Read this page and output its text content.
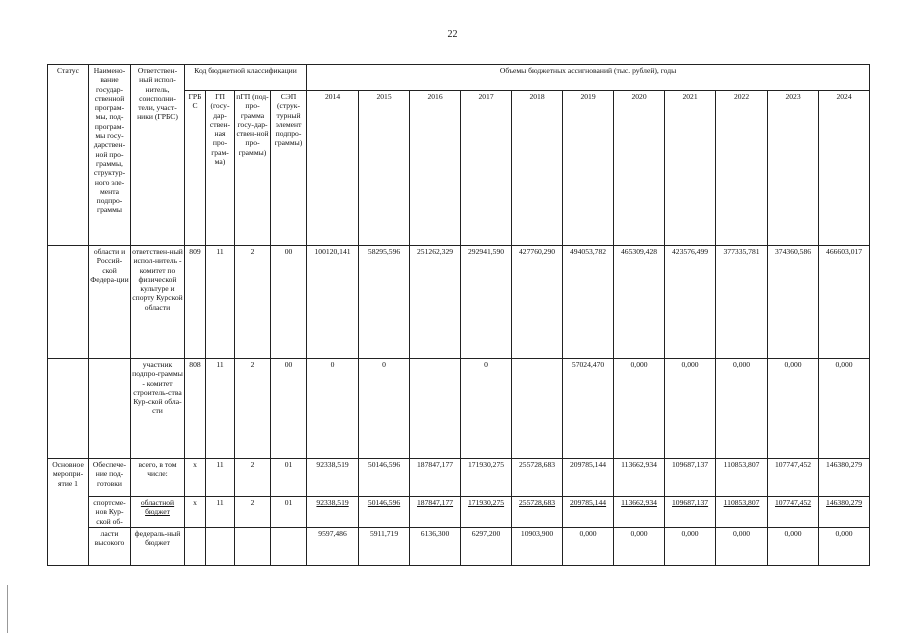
22
Статус	Наимено-вание государ-ственной програм-мы, под-програм-мы госу-дарствен-ной про-граммы, структур-ного эле-мента подпро-граммы	Ответствен-ный испол-нитель, соисполни-тели, участ-ники (ГРБС)	Код бюджетной классификации				Объемы бюджетных ассигнований (тыс. рублей), годы										
			ГРБ С	ГП (госу-дар-ствен-ная про-грам-ма)	пГП (под-про-грамма госу-дар-ствен-ной про-граммы)	СЭП (струк-турный элемент подпро-граммы)	2014	2015	2016	2017	2018	2019	2020	2021	2022	2023	2024
	области и Россий-ской Федера-ции	ответствен-ный испол-нитель - комитет по физической культуре и спорту Курской области	809	11	2	00	100120,141	58295,596	251262,329	292941,590	427760,290	494053,782	465309,428	423576,499	377335,781	374360,586	466603,017
		участник подпро-граммы - комитет строитель-ства Кур-ской обла-сти	808	11	2	00	0	0		0		57024,470	0,000	0,000	0,000	0,000	0,000
Основное меропри-ятие 1	Обеспече-ние под-готовки	всего, в том числе:	x	11	2	01	92338,519	50146,596	187847,177	171930,275	255728,683	209785,144	113662,934	109687,137	110853,807	107747,452	146380,279
	спортсме-нов Кур-ской об-	областной бюджет	x	11	2	01	92338,519	50146,596	187847,177	171930,275	255728,683	209785,144	113662,934	109687,137	110853,807	107747,452	146380,279
	ласти высокого	федераль-ный бюджет					9597,486	5911,719	6136,300	6297,200	10903,900	0,000	0,000	0,000	0,000	0,000	0,000
